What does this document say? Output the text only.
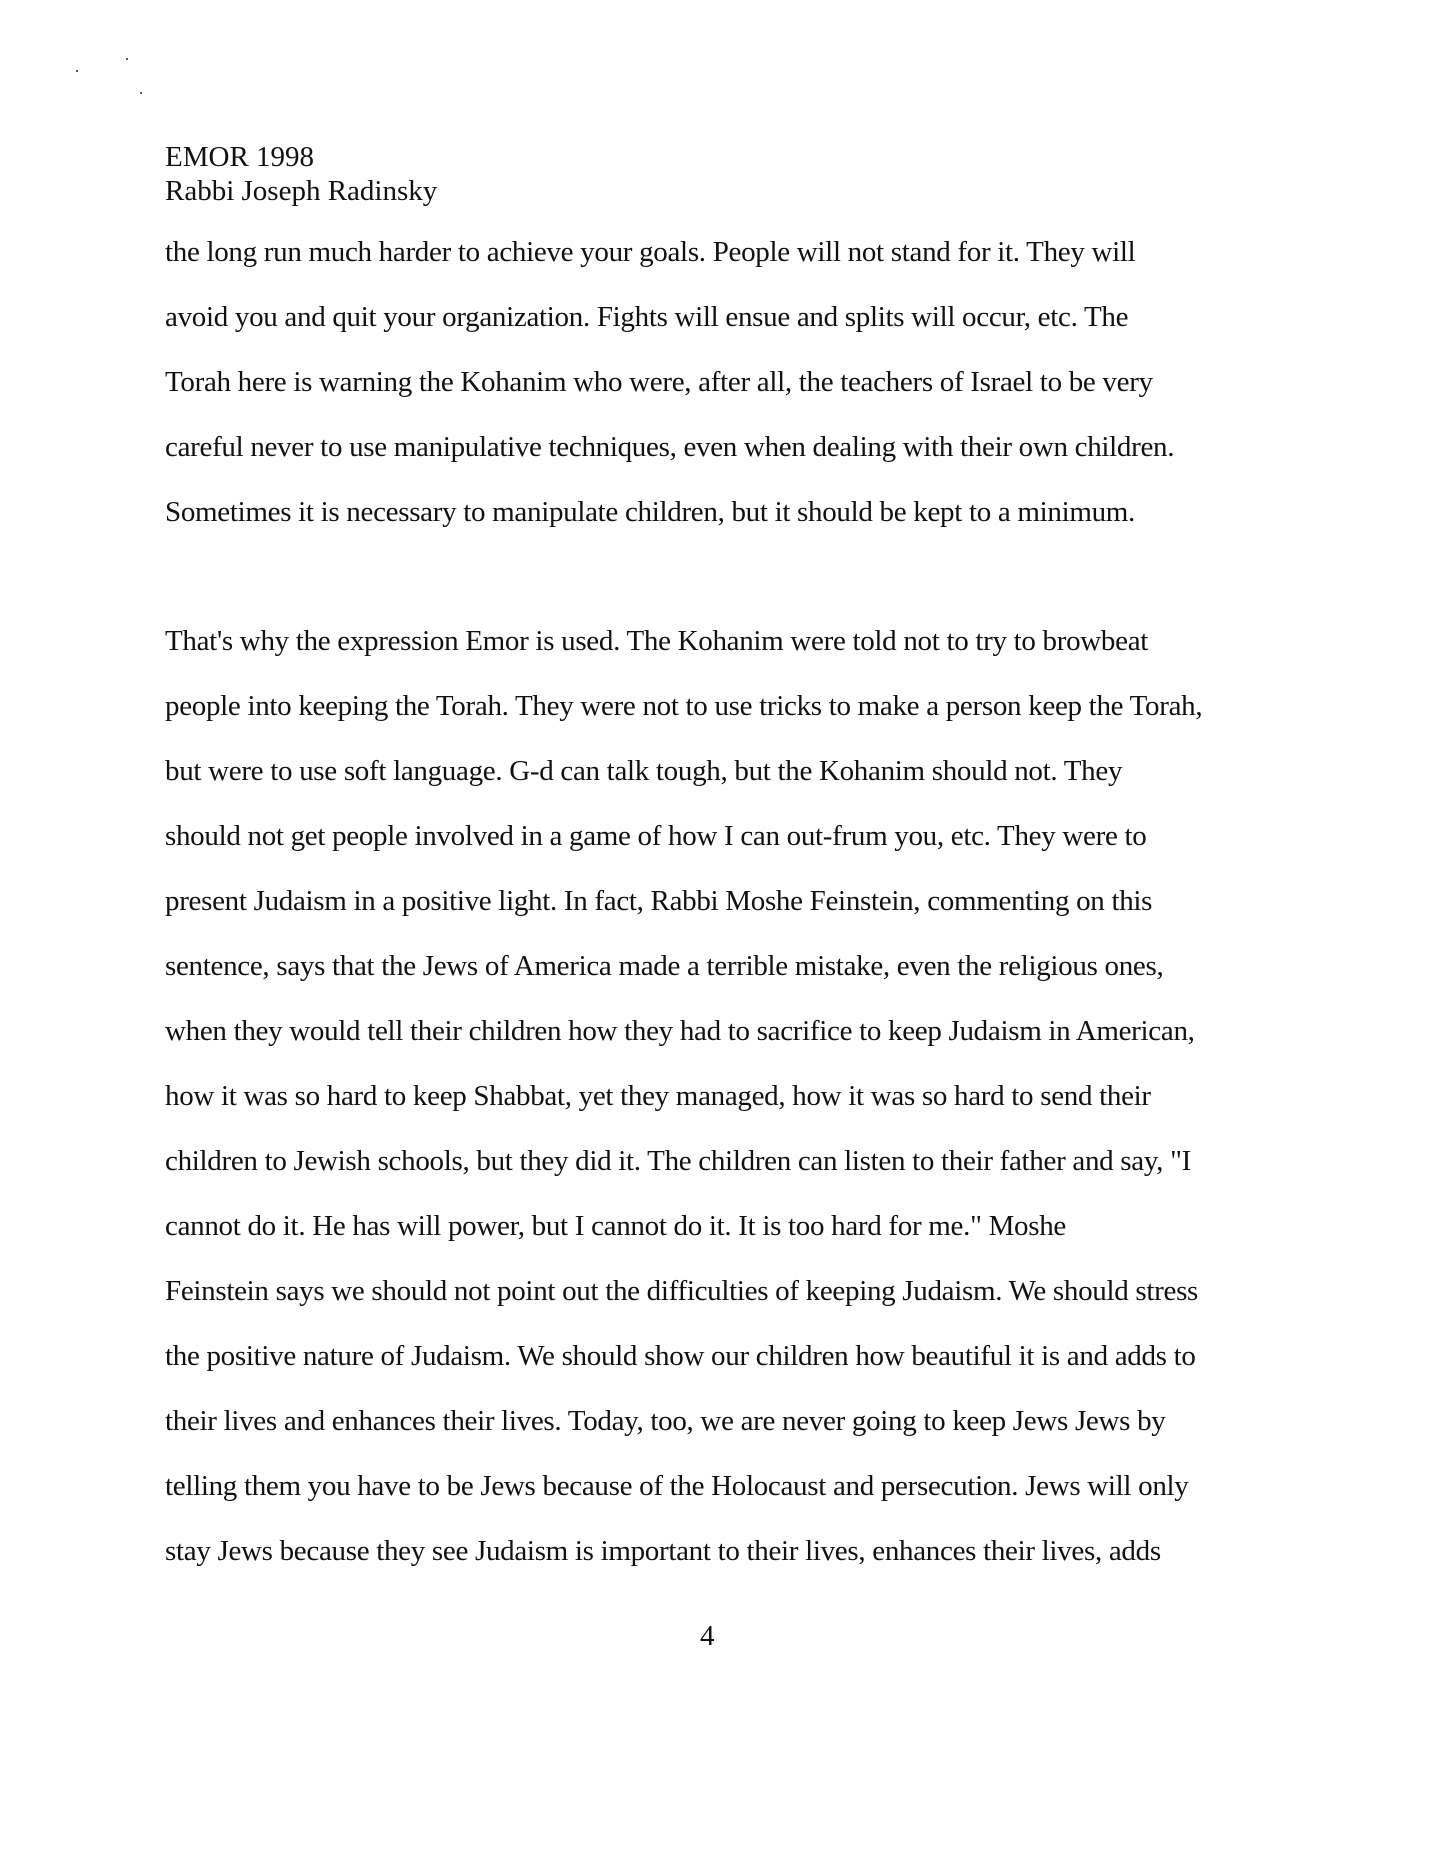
EMOR 1998
Rabbi Joseph Radinsky
the long run much harder to achieve your goals. People will not stand for it. They will
avoid you and quit your organization. Fights will ensue and splits will occur, etc. The
Torah here is warning the Kohanim who were, after all, the teachers of Israel to be very
careful never to use manipulative techniques, even when dealing with their own children.
Sometimes it is necessary to manipulate children, but it should be kept to a minimum.
That's why the expression Emor is used. The Kohanim were told not to try to browbeat
people into keeping the Torah. They were not to use tricks to make a person keep the Torah,
but were to use soft language. G-d can talk tough, but the Kohanim should not. They
should not get people involved in a game of how I can out-frum you, etc. They were to
present Judaism in a positive light. In fact, Rabbi Moshe Feinstein, commenting on this
sentence, says that the Jews of America made a terrible mistake, even the religious ones,
when they would tell their children how they had to sacrifice to keep Judaism in American,
how it was so hard to keep Shabbat, yet they managed, how it was so hard to send their
children to Jewish schools, but they did it. The children can listen to their father and say, "I
cannot do it. He has will power, but I cannot do it. It is too hard for me." Moshe
Feinstein says we should not point out the difficulties of keeping Judaism. We should stress
the positive nature of Judaism. We should show our children how beautiful it is and adds to
their lives and enhances their lives. Today, too, we are never going to keep Jews Jews by
telling them you have to be Jews because of the Holocaust and persecution. Jews will only
stay Jews because they see Judaism is important to their lives, enhances their lives, adds
4
